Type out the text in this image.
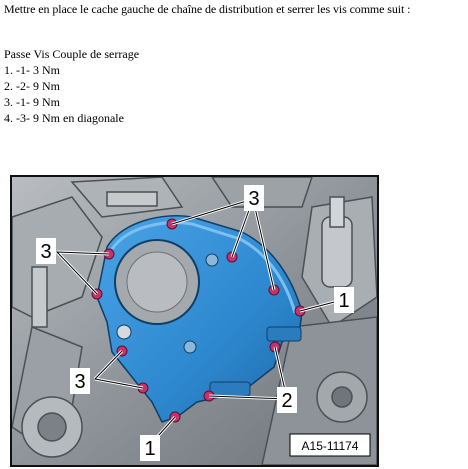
Mettre en place le cache gauche de chaîne de distribution et serrer les vis comme suit :
Passe Vis Couple de serrage
1. -1- 3 Nm
2. -2- 9 Nm
3. -1- 9 Nm
4. -3- 9 Nm en diagonale
3
3
3
1
2
1	A15-11174
